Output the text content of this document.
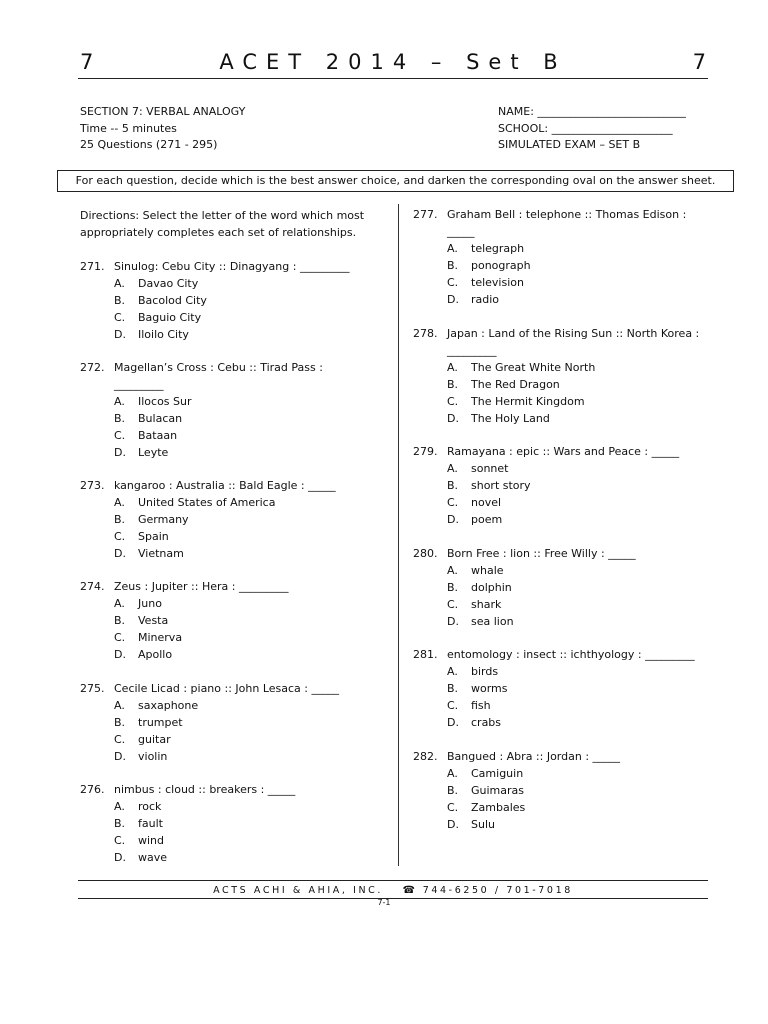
7	ACET 2014 – Set B	7
SECTION 7: VERBAL ANALOGY
Time -- 5 minutes
25 Questions (271 - 295)
NAME: ___________________________
SCHOOL: ______________________
SIMULATED EXAM – SET B
For each question, decide which is the best answer choice, and darken the corresponding oval on the answer sheet.
Directions: Select the letter of the word which most
appropriately completes each set of relationships.
271. Sinulog: Cebu City :: Dinagyang : _________
A. Davao City
B. Bacolod City
C. Baguio City
D. Iloilo City
272. Magellan’s Cross : Cebu :: Tirad Pass :
_________
A. Ilocos Sur
B. Bulacan
C. Bataan
D. Leyte
273. kangaroo : Australia :: Bald Eagle : _____
A. United States of America
B. Germany
C. Spain
D. Vietnam
274. Zeus : Jupiter :: Hera : _________
A. Juno
B. Vesta
C. Minerva
D. Apollo
275. Cecile Licad : piano :: John Lesaca : _____
A. saxaphone
B. trumpet
C. guitar
D. violin
276. nimbus : cloud :: breakers : _____
A. rock
B. fault
C. wind
D. wave
277. Graham Bell : telephone :: Thomas Edison :
_____
A. telegraph
B. ponograph
C. television
D. radio
278. Japan : Land of the Rising Sun :: North Korea :
_________
A. The Great White North
B. The Red Dragon
C. The Hermit Kingdom
D. The Holy Land
279. Ramayana : epic :: Wars and Peace : _____
A. sonnet
B. short story
C. novel
D. poem
280. Born Free : lion :: Free Willy : _____
A. whale
B. dolphin
C. shark
D. sea lion
281. entomology : insect :: ichthyology : _________
A. birds
B. worms
C. fish
D. crabs
282. Bangued : Abra :: Jordan : _____
A. Camiguin
B. Guimaras
C. Zambales
D. Sulu
ACTS ACHI & AHIA, INC. ☎ 744-6250 / 701-7018
7-1
